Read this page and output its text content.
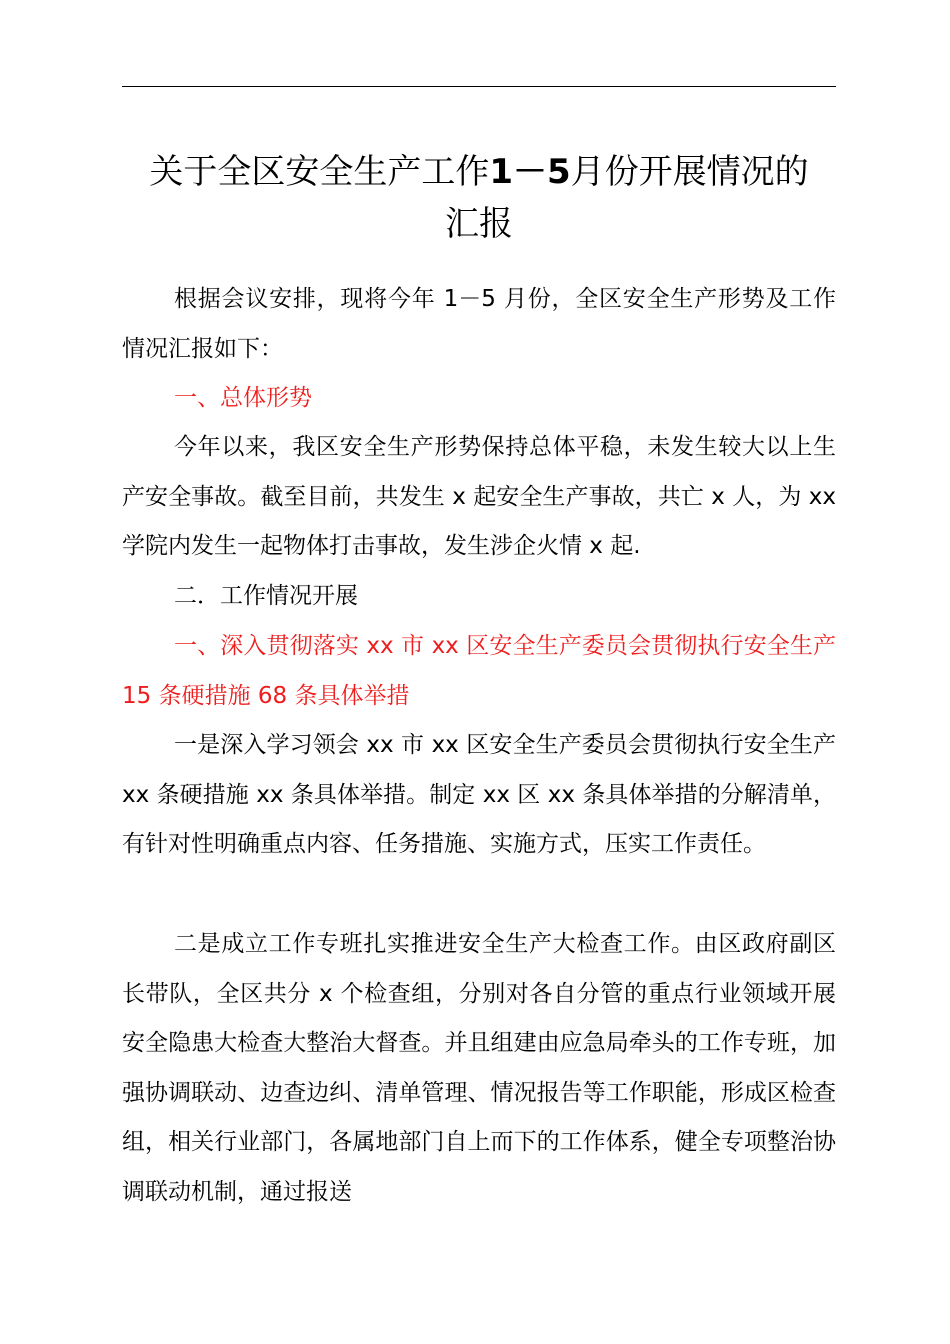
关于全区安全生产工作1－5月份开展情况的
汇报
根据会议安排，现将今年 1－5 月份，全区安全生产形势及工作情况汇报如下：
一、总体形势
今年以来，我区安全生产形势保持总体平稳，未发生较大以上生产安全事故。截至目前，共发生 x 起安全生产事故，共亡 x 人，为 xx 学院内发生一起物体打击事故，发生涉企火情 x 起.
二．工作情况开展
一、深入贯彻落实 xx 市 xx 区安全生产委员会贯彻执行安全生产 15 条硬措施 68 条具体举措
一是深入学习领会 xx 市 xx 区安全生产委员会贯彻执行安全生产 xx 条硬措施 xx 条具体举措。制定 xx 区 xx 条具体举措的分解清单，有针对性明确重点内容、任务措施、实施方式，压实工作责任。
二是成立工作专班扎实推进安全生产大检查工作。由区政府副区长带队，全区共分 x 个检查组，分别对各自分管的重点行业领域开展安全隐患大检查大整治大督查。并且组建由应急局牵头的工作专班，加强协调联动、边查边纠、清单管理、情况报告等工作职能，形成区检查组，相关行业部门，各属地部门自上而下的工作体系，健全专项整治协调联动机制，通过报送
